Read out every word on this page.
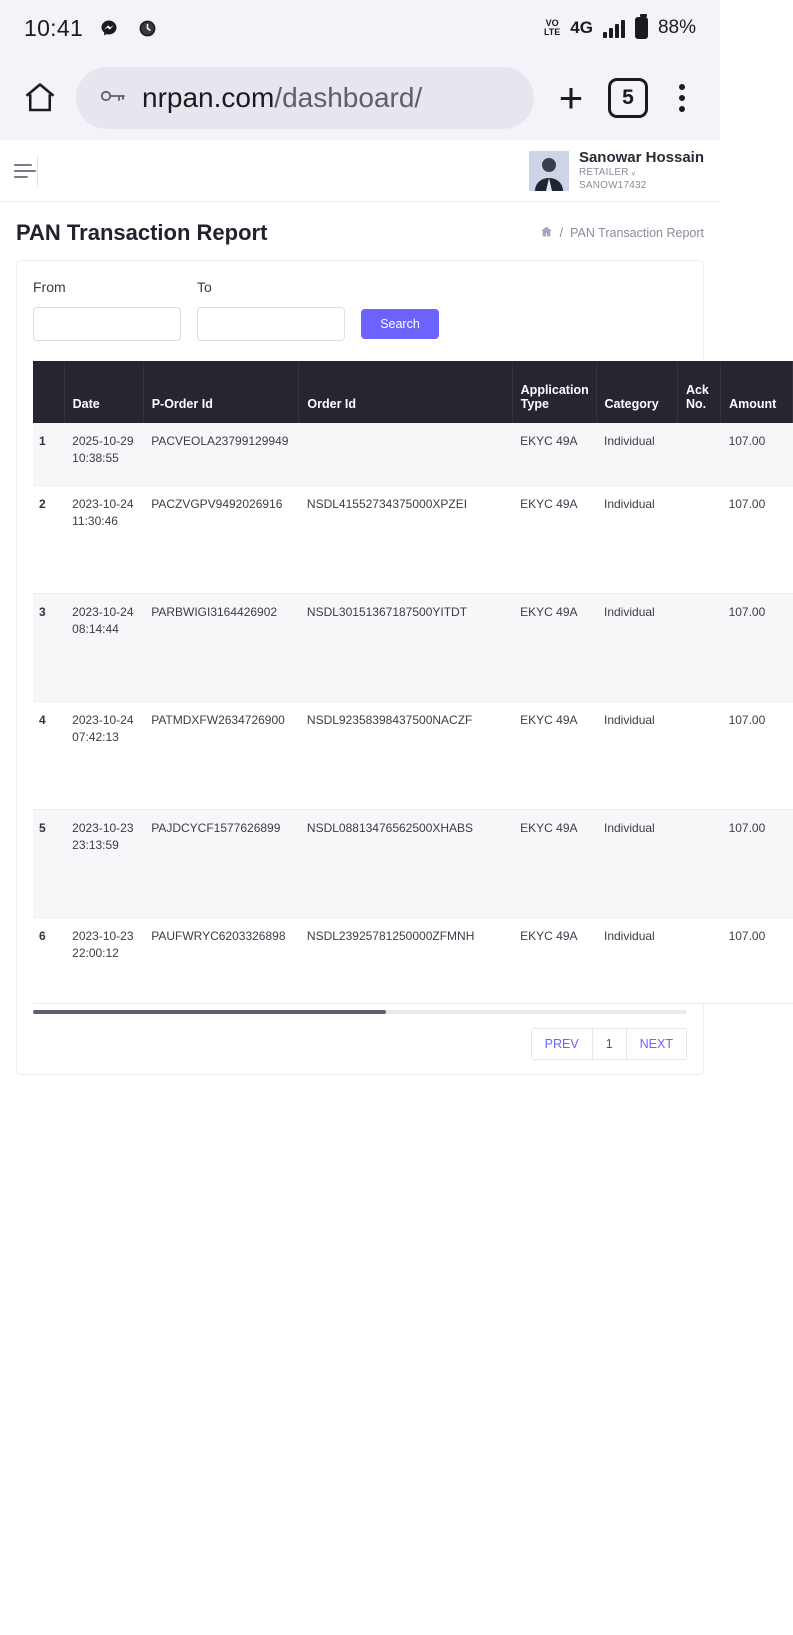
10:41	VO
LTE 4G	88%
nrpan.com/dashboard/	+	5
Sanowar Hossain
RETAILER ᵥ
SANOW17432
PAN Transaction Report	/ PAN Transaction Report
From	To
Search
	Date	P-Order Id	Order Id	Application Type	Category	Ack No.	Amount
1	2025-10-29 10:38:55	PACVEOLA23799129949		EKYC 49A	Individual		107.00
2	2023-10-24 11:30:46	PACZVGPV9492026916	NSDL41552734375000XPZEI	EKYC 49A	Individual		107.00
3	2023-10-24 08:14:44	PARBWIGI3164426902	NSDL30151367187500YITDT	EKYC 49A	Individual		107.00
4	2023-10-24 07:42:13	PATMDXFW2634726900	NSDL92358398437500NACZF	EKYC 49A	Individual		107.00
5	2023-10-23 23:13:59	PAJDCYCF1577626899	NSDL08813476562500XHABS	EKYC 49A	Individual		107.00
6	2023-10-23 22:00:12	PAUFWRYC6203326898	NSDL23925781250000ZFMNH	EKYC 49A	Individual		107.00
PREV	1	NEXT
